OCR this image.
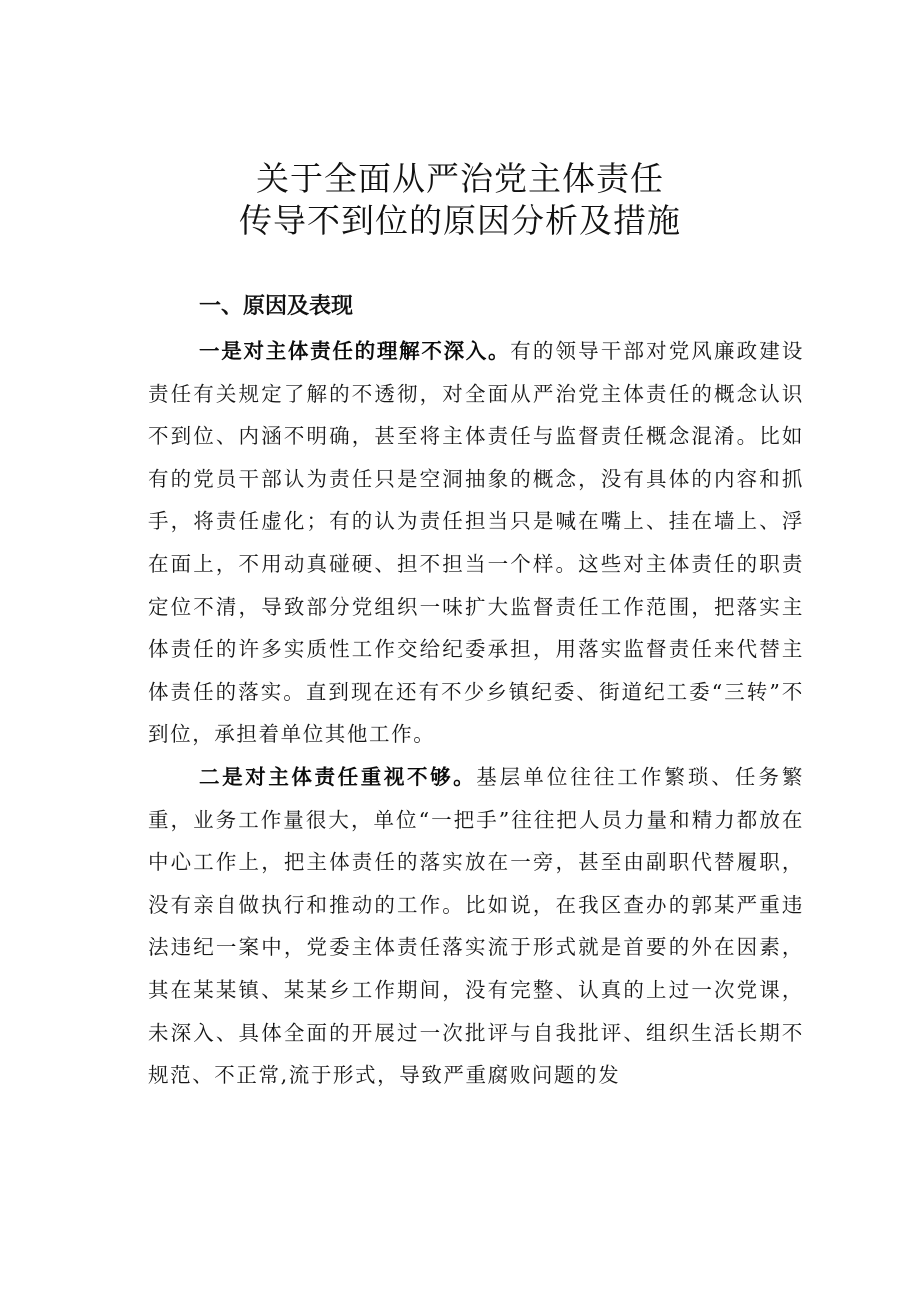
关于全面从严治党主体责任
传导不到位的原因分析及措施
一、原因及表现

一是对主体责任的理解不深入。有的领导干部对党风廉政建设责任有关规定了解的不透彻，对全面从严治党主体责任的概念认识不到位、内涵不明确，甚至将主体责任与监督责任概念混淆。比如有的党员干部认为责任只是空洞抽象的概念，没有具体的内容和抓手，将责任虚化；有的认为责任担当只是喊在嘴上、挂在墙上、浮在面上，不用动真碰硬、担不担当一个样。这些对主体责任的职责定位不清，导致部分党组织一味扩大监督责任工作范围，把落实主体责任的许多实质性工作交给纪委承担，用落实监督责任来代替主体责任的落实。直到现在还有不少乡镇纪委、街道纪工委“三转”不到位，承担着单位其他工作。

二是对主体责任重视不够。基层单位往往工作繁琐、任务繁重，业务工作量很大，单位“一把手”往往把人员力量和精力都放在中心工作上，把主体责任的落实放在一旁，甚至由副职代替履职，没有亲自做执行和推动的工作。比如说，在我区查办的郭某严重违法违纪一案中，党委主体责任落实流于形式就是首要的外在因素，其在某某镇、某某乡工作期间，没有完整、认真的上过一次党课，未深入、具体全面的开展过一次批评与自我批评、组织生活长期不规范、不正常,流于形式，导致严重腐败问题的发
